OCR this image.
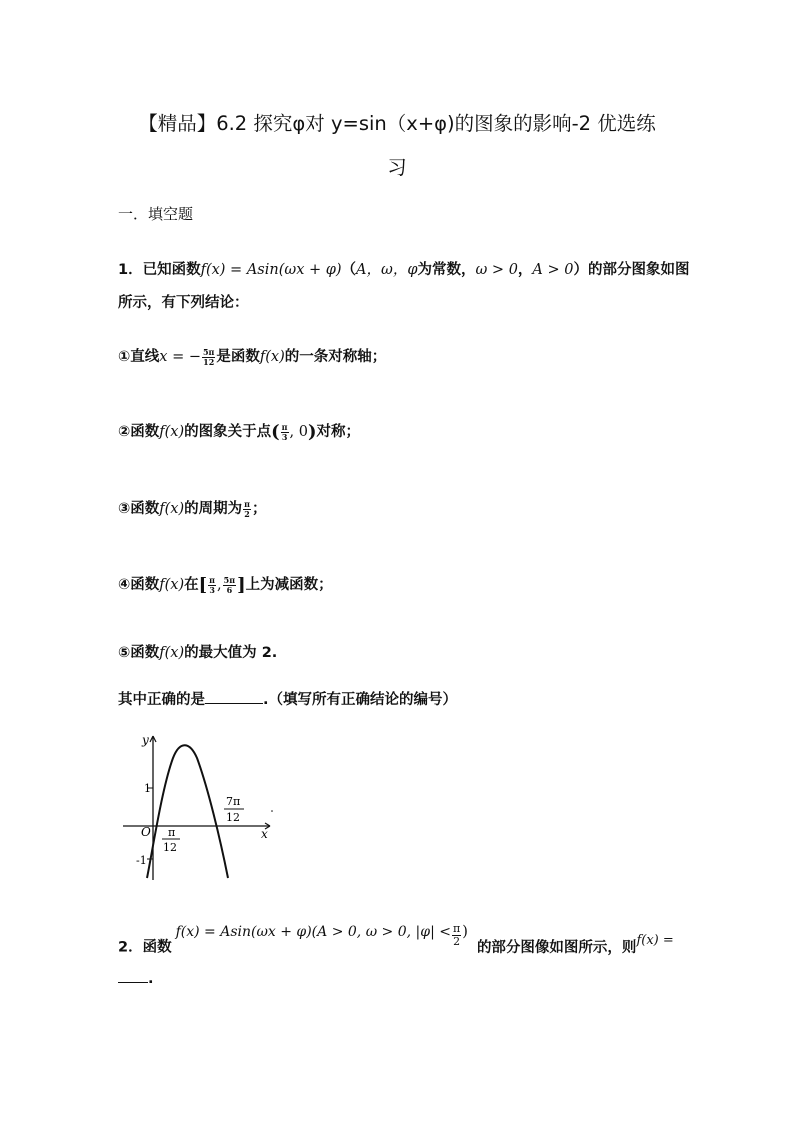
【精品】6.2 探究φ对 y=sin（x+φ)的图象的影响-2 优选练
习
一．填空题
1．已知函数f(x) = Asin(ωx + φ)（A，ω，φ为常数，ω > 0，A > 0）的部分图象如图
所示，有下列结论：
①直线x = − $\frac{5\pi}{12}$ 是函数f(x)的一条对称轴；
②函数f(x)的图象关于点( $\frac{\pi}{3}$ , 0)对称；
③函数f(x)的周期为 $\frac{\pi}{2}$ ；
④函数f(x)在[ $\frac{\pi}{3}$ , $\frac{5\pi}{6}$ ]上为减函数；
⑤函数f(x)的最大值为 2.
其中正确的是	.（填写所有正确结论的编号）
y
x
O
1
-1
π
12
7π
12
2．函数f(x) = Asin(ωx + φ)(A > 0, ω > 0, $|\varphi| < \frac{\pi}{2}$ ) 的部分图像如图所示，则f(x) =
.
